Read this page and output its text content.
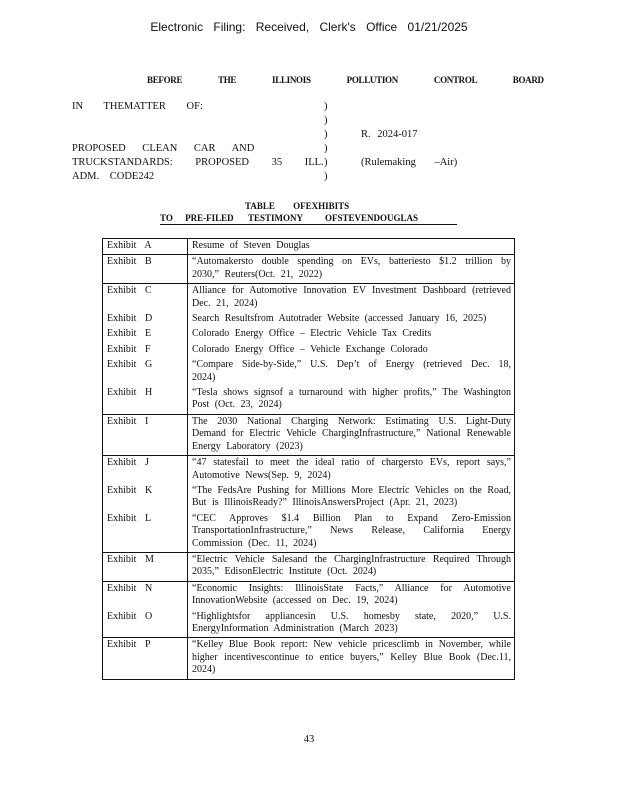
Electronic Filing: Received, Clerk's Office 01/21/2025
BEFORE THE ILLINOIS POLLUTION CONTROL BOARD
IN THEMATTER OF:
PROPOSED CLEAN CAR AND
TRUCKSTANDARDS: PROPOSED 35 ILL.
ADM. CODE242
)
)
)
)
)
)
R. 2024-017
(Rulemaking –Air)
TABLE OFEXHIBITS
TO PRE-FILED TESTIMONY OFSTEVENDOUGLAS
Exhibit A	Resume of Steven Douglas
Exhibit B	“Automakersto double spending on EVs, batteriesto $1.2 trillion by 2030,” Reuters(Oct. 21, 2022)
Exhibit C	Alliance for Automotive Innovation EV Investment Dashboard (retrieved Dec. 21, 2024)
Exhibit D	Search Resultsfrom Autotrader Website (accessed January 16, 2025)
Exhibit E	Colorado Energy Office – Electric Vehicle Tax Credits
Exhibit F	Colorado Energy Office – Vehicle Exchange Colorado
Exhibit G	“Compare Side-by-Side,” U.S. Dep’t of Energy (retrieved Dec. 18, 2024)
Exhibit H	“Tesla shows signsof a turnaround with higher profits,” The Washington Post (Oct. 23, 2024)
Exhibit I	The 2030 National Charging Network: Estimating U.S. Light-Duty Demand for Electric Vehicle ChargingInfrastructure,” National Renewable Energy Laboratory (2023)
Exhibit J	“47 statesfail to meet the ideal ratio of chargersto EVs, report says,” Automotive News(Sep. 9, 2024)
Exhibit K	“The FedsAre Pushing for Millions More Electric Vehicles on the Road, But is IllinoisReady?” IllinoisAnswersProject (Apr. 21, 2023)
Exhibit L	“CEC Approves $1.4 Billion Plan to Expand Zero-Emission TransportationInfrastructure,” News Release, California Energy Commission (Dec. 11, 2024)
Exhibit M	“Electric Vehicle Salesand the ChargingInfrastructure Required Through 2035,” EdisonElectric Institute (Oct. 2024)
Exhibit N	“Economic Insights: IllinoisState Facts,” Alliance for Automotive InnovationWebsite (accessed on Dec. 19, 2024)
Exhibit O	“Highlightsfor appliancesin U.S. homesby state, 2020,” U.S. EnergyInformation Administration (March 2023)
Exhibit P	“Kelley Blue Book report: New vehicle pricesclimb in November, while higher incentivescontinue to entice buyers,” Kelley Blue Book (Dec.11, 2024)
43
